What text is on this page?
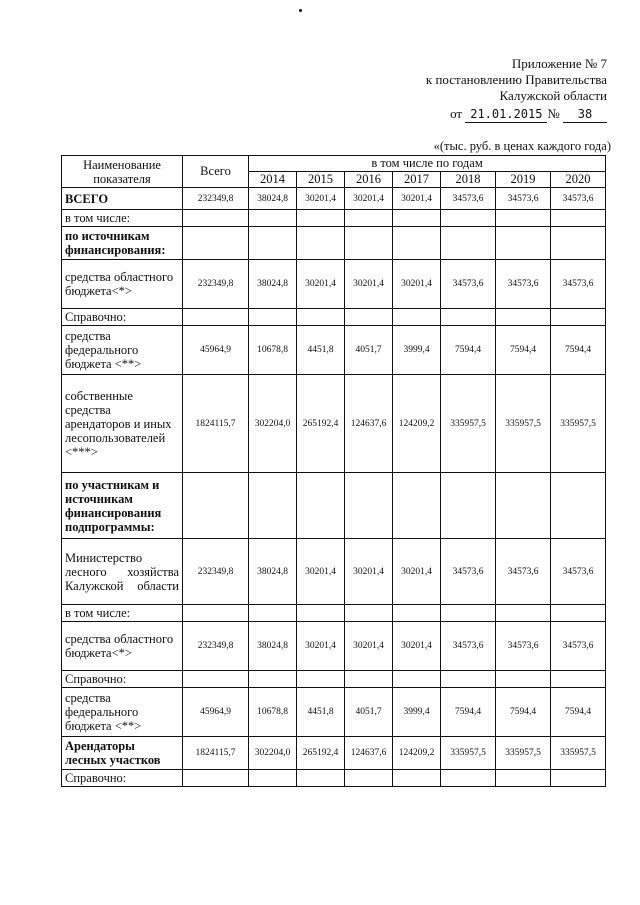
Приложение № 7
к постановлению Правительства
Калужской области
от 21.01.2015 № 38
«(тыс. руб. в ценах каждого года)
Наименование показателя	Всего	в том числе по годам						
		2014	2015	2016	2017	2018	2019	2020
ВСЕГО	232349,8	38024,8	30201,4	30201,4	30201,4	34573,6	34573,6	34573,6
в том числе:								
по источникам финансирования:								
средства областного бюджета<*>	232349,8	38024,8	30201,4	30201,4	30201,4	34573,6	34573,6	34573,6
Справочно:								
средства федерального бюджета <**>	45964,9	10678,8	4451,8	4051,7	3999,4	7594,4	7594,4	7594,4
собственные средства арендаторов и иных лесопользователей <***>	1824115,7	302204,0	265192,4	124637,6	124209,2	335957,5	335957,5	335957,5
по участникам и источникам финансирования подпрограммы:								
Министерство лесного хозяйства Калужской области	232349,8	38024,8	30201,4	30201,4	30201,4	34573,6	34573,6	34573,6
в том числе:								
средства областного бюджета<*>	232349,8	38024,8	30201,4	30201,4	30201,4	34573,6	34573,6	34573,6
Справочно:								
средства федерального бюджета <**>	45964,9	10678,8	4451,8	4051,7	3999,4	7594,4	7594,4	7594,4
Арендаторы лесных участков	1824115,7	302204,0	265192,4	124637,6	124209,2	335957,5	335957,5	335957,5
Справочно:								
